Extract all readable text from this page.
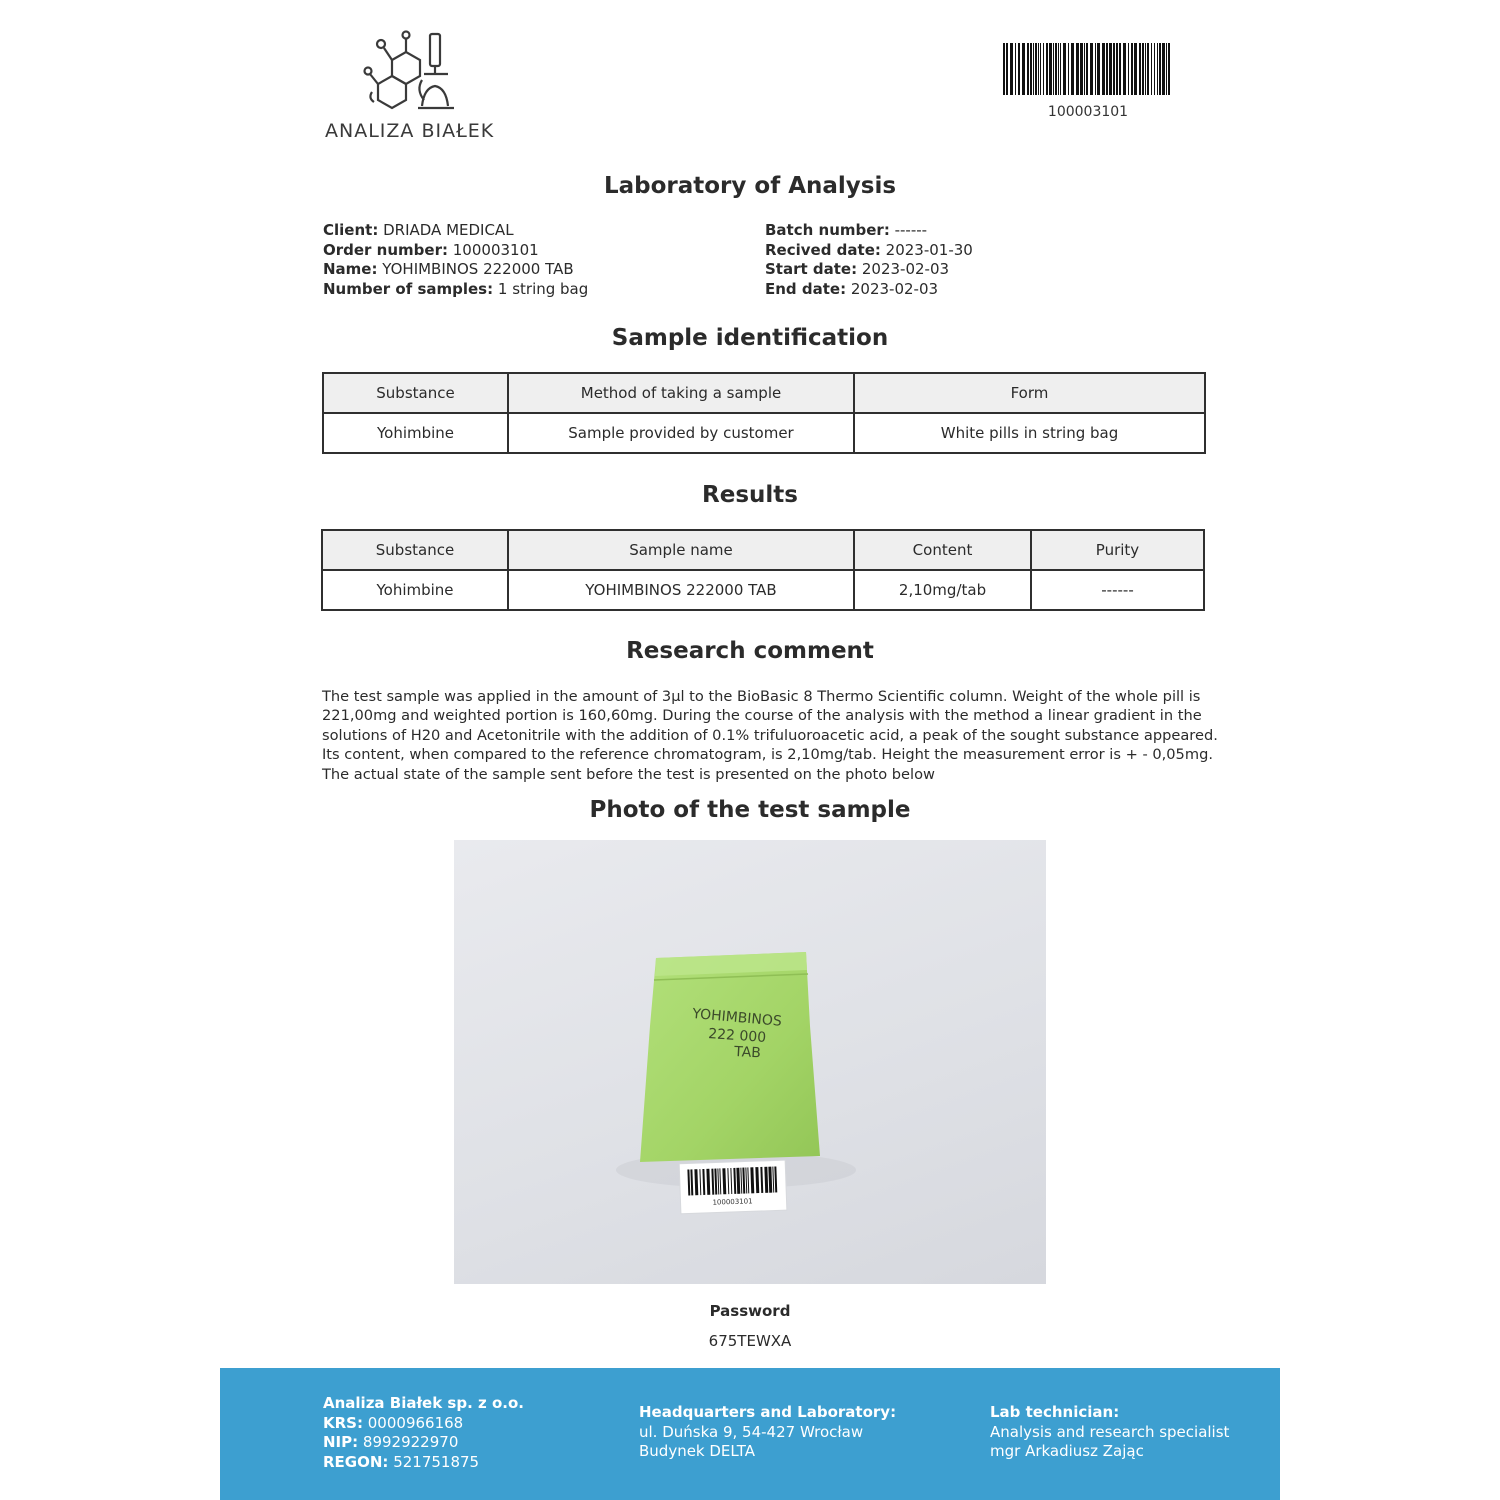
ANALIZA BIAŁEK
100003101
Laboratory of Analysis
Client: DRIADA MEDICAL
Order number: 100003101
Name: YOHIMBINOS 222000 TAB
Number of samples: 1 string bag
Batch number: ------
Recived date: 2023-01-30
Start date: 2023-02-03
End date: 2023-02-03
Sample identification
Substance	Method of taking a sample	Form
Yohimbine	Sample provided by customer	White pills in string bag
Results
Substance	Sample name	Content	Purity
Yohimbine	YOHIMBINOS 222000 TAB	2,10mg/tab	------
Research comment
The test sample was applied in the amount of 3µl to the BioBasic 8 Thermo Scientific column. Weight of the whole pill is
221,00mg and weighted portion is 160,60mg. During the course of the analysis with the method a linear gradient in the
solutions of H20 and Acetonitrile with the addition of 0.1% trifuluoroacetic acid, a peak of the sought substance appeared.
Its content, when compared to the reference chromatogram, is 2,10mg/tab. Height the measurement error is + - 0,05mg.
The actual state of the sample sent before the test is presented on the photo below
Photo of the test sample
YOHIMBINOS
222 000
TAB
100003101
Password
675TEWXA
Analiza Białek sp. z o.o.
KRS: 0000966168
NIP: 8992922970
REGON: 521751875
Headquarters and Laboratory:
ul. Duńska 9, 54-427 Wrocław
Budynek DELTA
Lab technician:
Analysis and research specialist
mgr Arkadiusz Zając
